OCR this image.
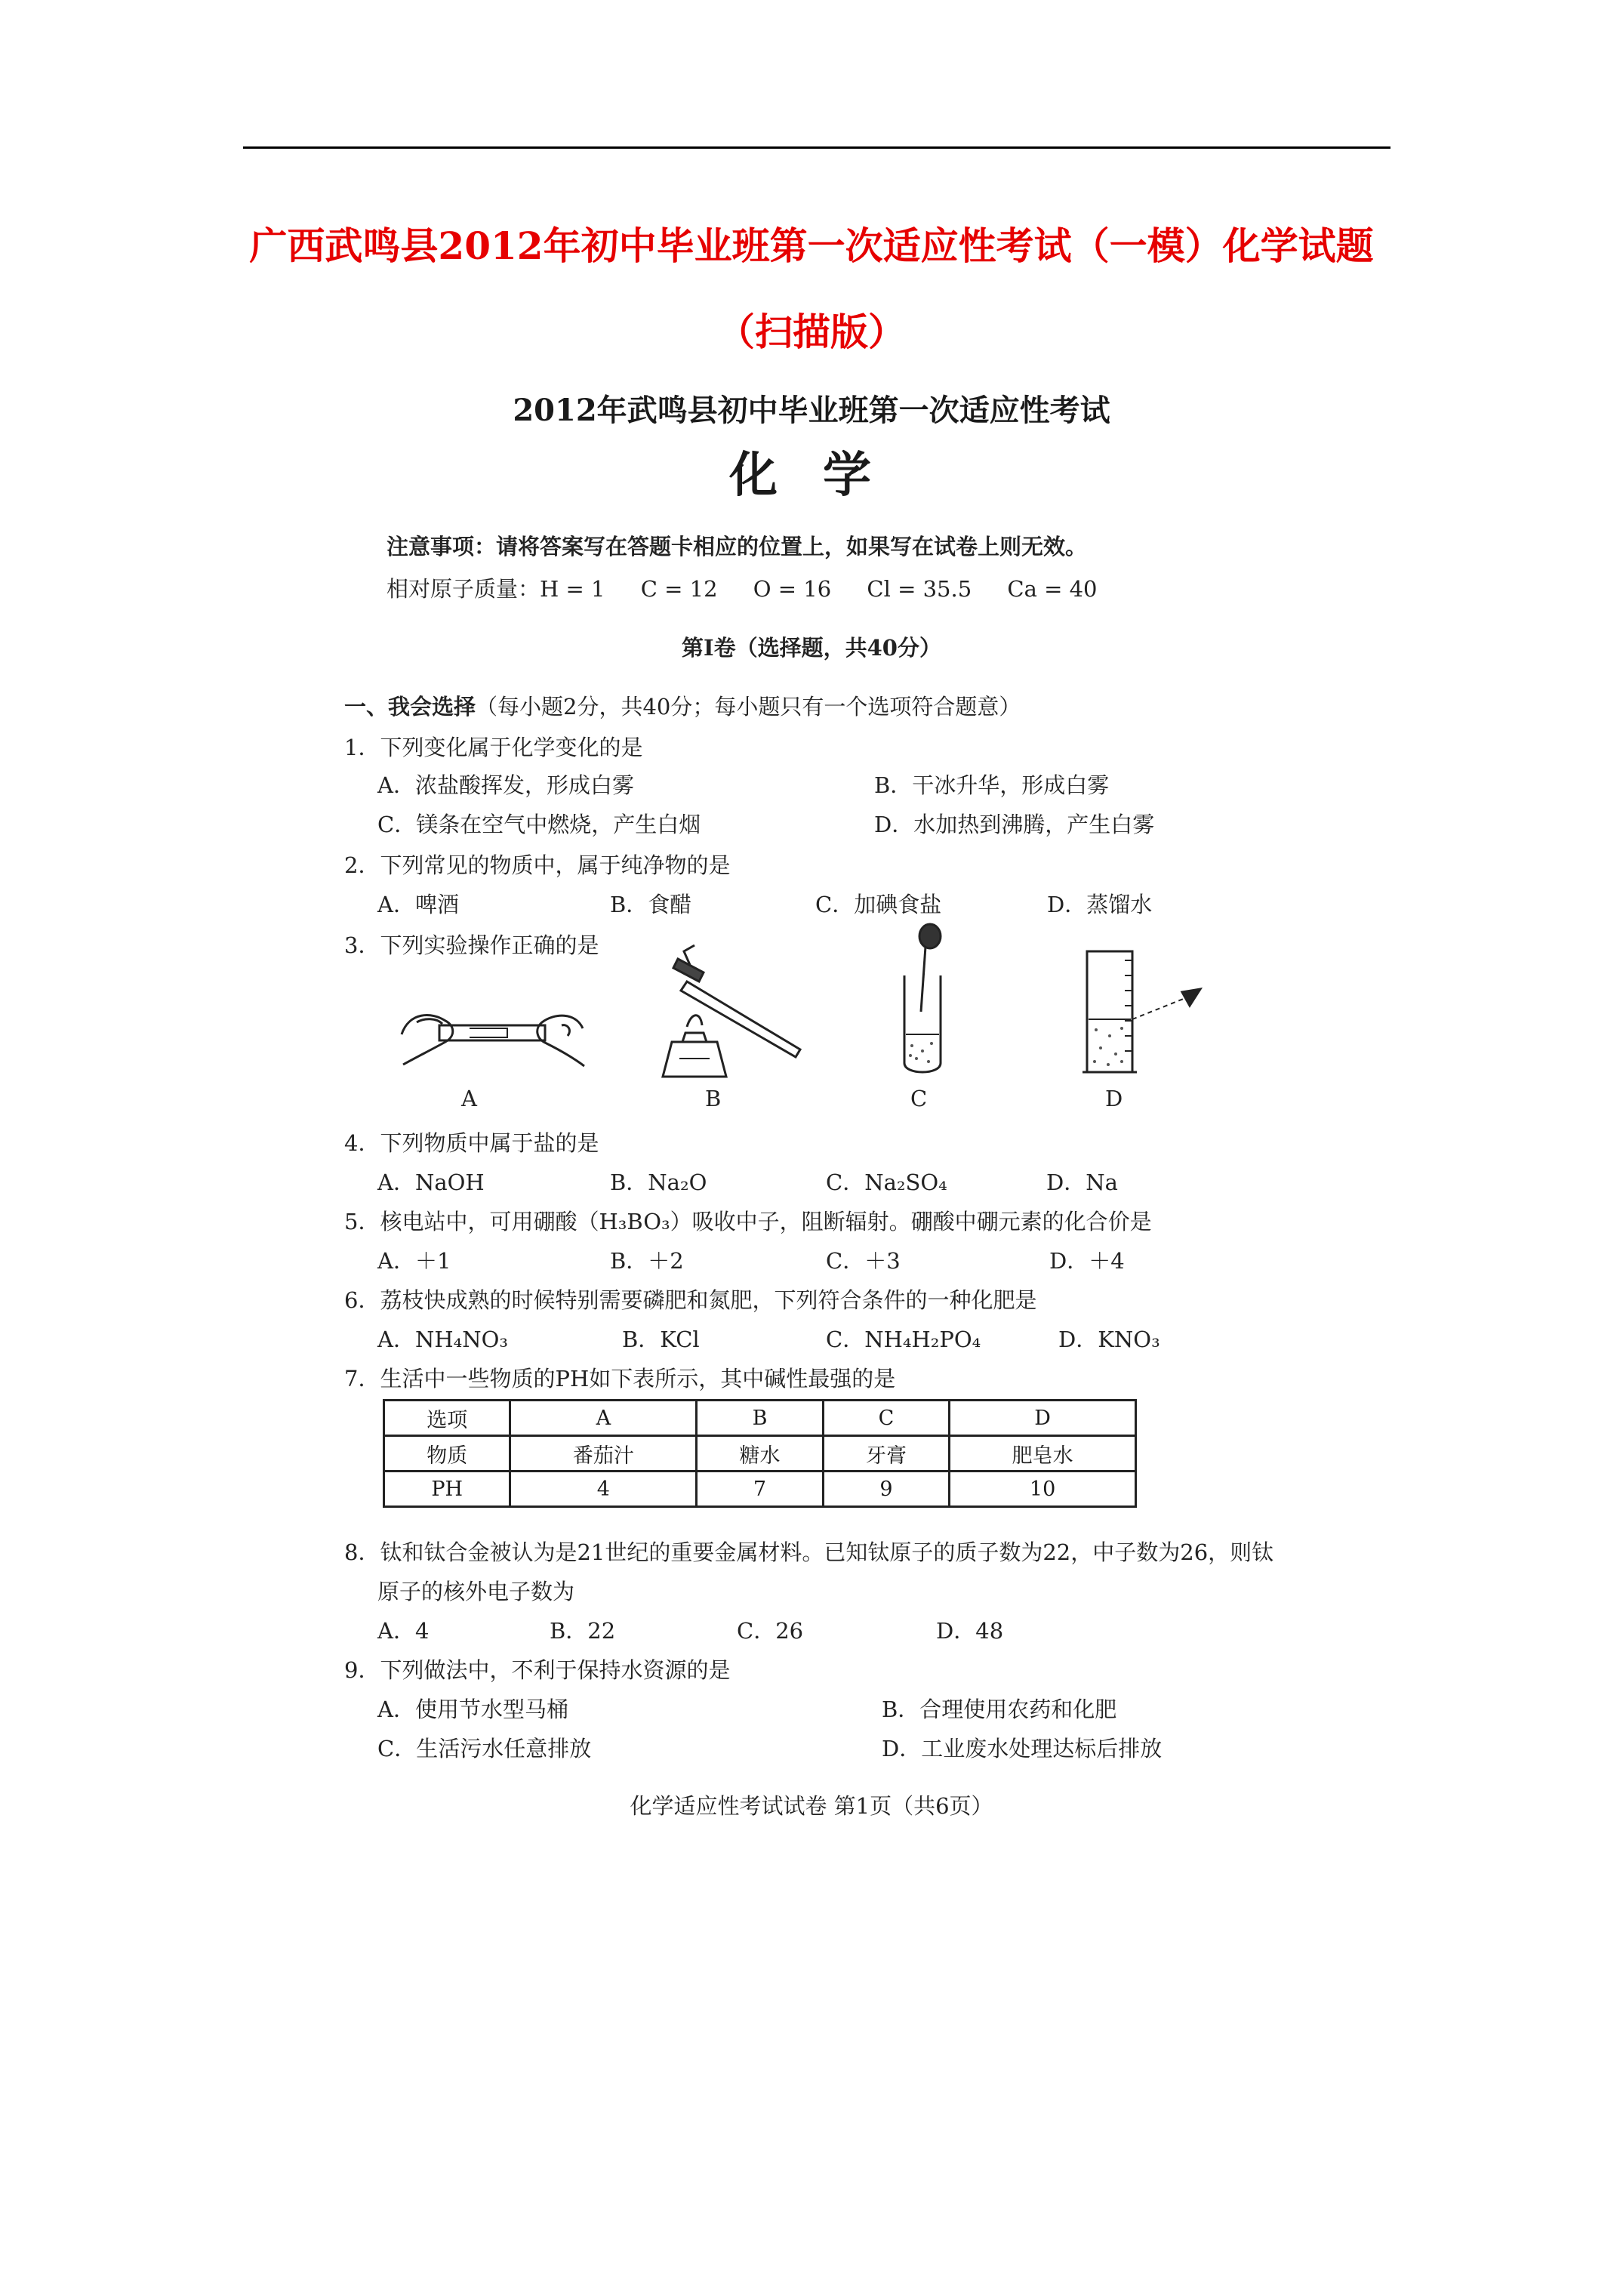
广西武鸣县2012年初中毕业班第一次适应性考试（一模）化学试题
（扫描版）
2012年武鸣县初中毕业班第一次适应性考试
化学
注意事项：请将答案写在答题卡相应的位置上，如果写在试卷上则无效。
相对原子质量：H = 1 C = 12 O = 16 Cl = 35.5 Ca = 40
第Ⅰ卷（选择题，共40分）
一、我会选择（每小题2分，共40分；每小题只有一个选项符合题意）
1．下列变化属于化学变化的是
A．浓盐酸挥发，形成白雾	B．干冰升华，形成白雾
C．镁条在空气中燃烧，产生白烟	D．水加热到沸腾，产生白雾
2．下列常见的物质中，属于纯净物的是
A．啤酒	B．食醋	C．加碘食盐	D．蒸馏水
3．下列实验操作正确的是
A	B	C	D
4．下列物质中属于盐的是
A．NaOH	B．Na₂O	C．Na₂SO₄	D．Na
5．核电站中，可用硼酸（H₃BO₃）吸收中子，阻断辐射。硼酸中硼元素的化合价是
A．＋1	B．＋2	C．＋3	D．＋4
6．荔枝快成熟的时候特别需要磷肥和氮肥，下列符合条件的一种化肥是
A．NH₄NO₃	B．KCl	C．NH₄H₂PO₄	D．KNO₃
7．生活中一些物质的PH如下表所示，其中碱性最强的是
选项	A	B	C	D
物质	番茄汁	糖水	牙膏	肥皂水
PH	4	7	9	10
8．钛和钛合金被认为是21世纪的重要金属材料。已知钛原子的质子数为22，中子数为26，则钛
原子的核外电子数为
A．4	B．22	C．26	D．48
9．下列做法中，不利于保持水资源的是
A．使用节水型马桶	B．合理使用农药和化肥
C．生活污水任意排放	D．工业废水处理达标后排放
化学适应性考试试卷 第1页（共6页）
